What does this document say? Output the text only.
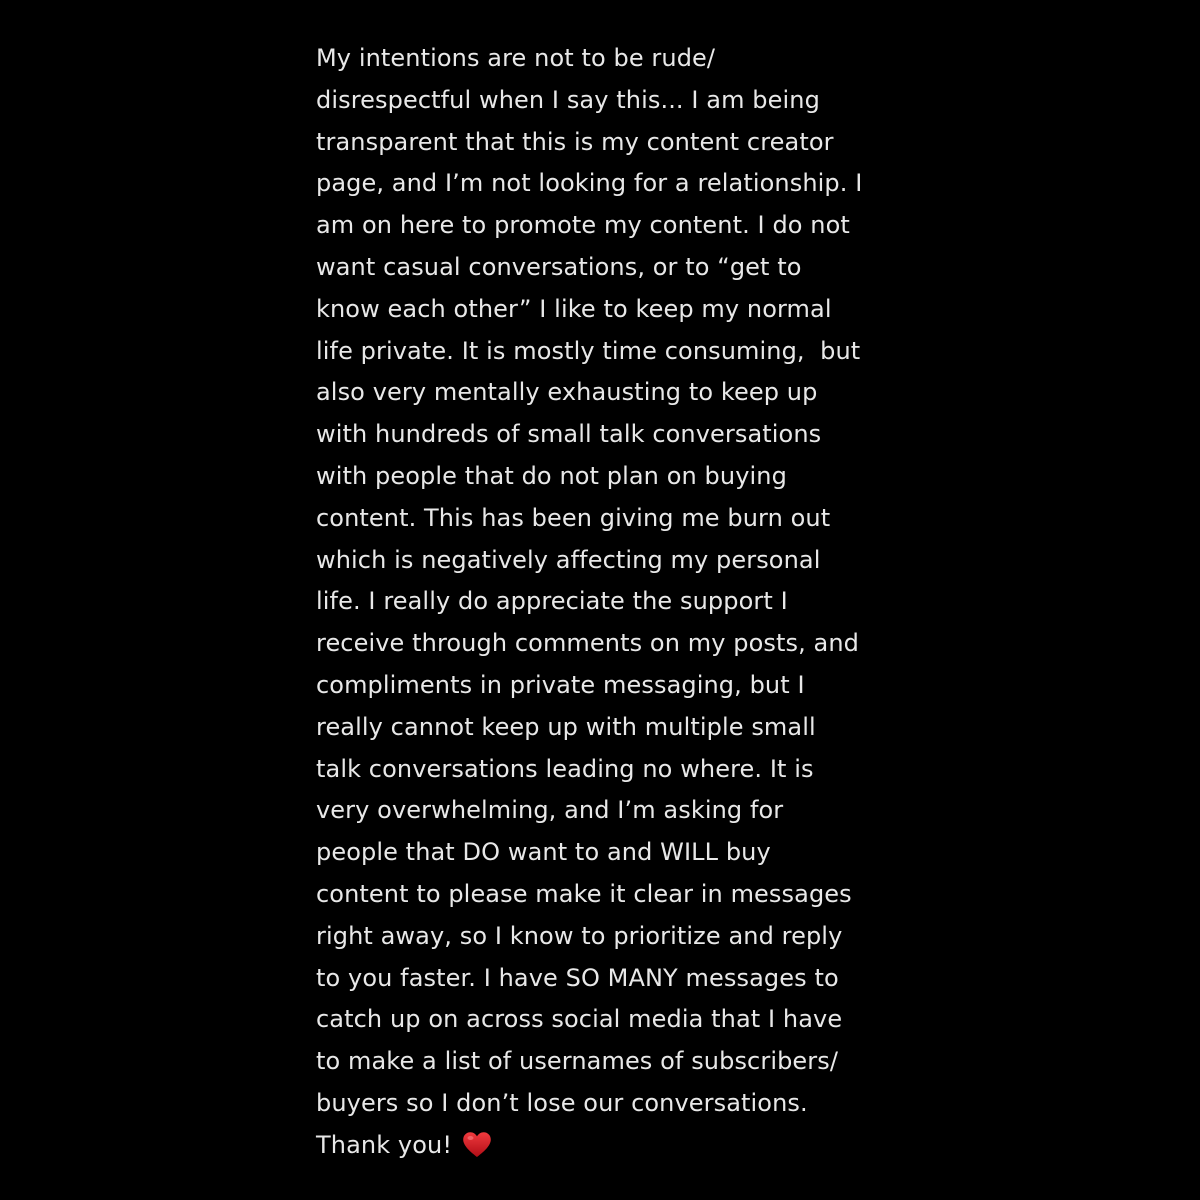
My intentions are not to be rude/
disrespectful when I say this... I am being
transparent that this is my content creator
page, and I’m not looking for a relationship. I
am on here to promote my content. I do not
want casual conversations, or to “get to
know each other” I like to keep my normal
life private. It is mostly time consuming,  but
also very mentally exhausting to keep up
with hundreds of small talk conversations
with people that do not plan on buying
content. This has been giving me burn out
which is negatively affecting my personal
life. I really do appreciate the support I
receive through comments on my posts, and
compliments in private messaging, but I
really cannot keep up with multiple small
talk conversations leading no where. It is
very overwhelming, and I’m asking for
people that DO want to and WILL buy
content to please make it clear in messages
right away, so I know to prioritize and reply
to you faster. I have SO MANY messages to
catch up on across social media that I have
to make a list of usernames of subscribers/
buyers so I don’t lose our conversations.
Thank you!
